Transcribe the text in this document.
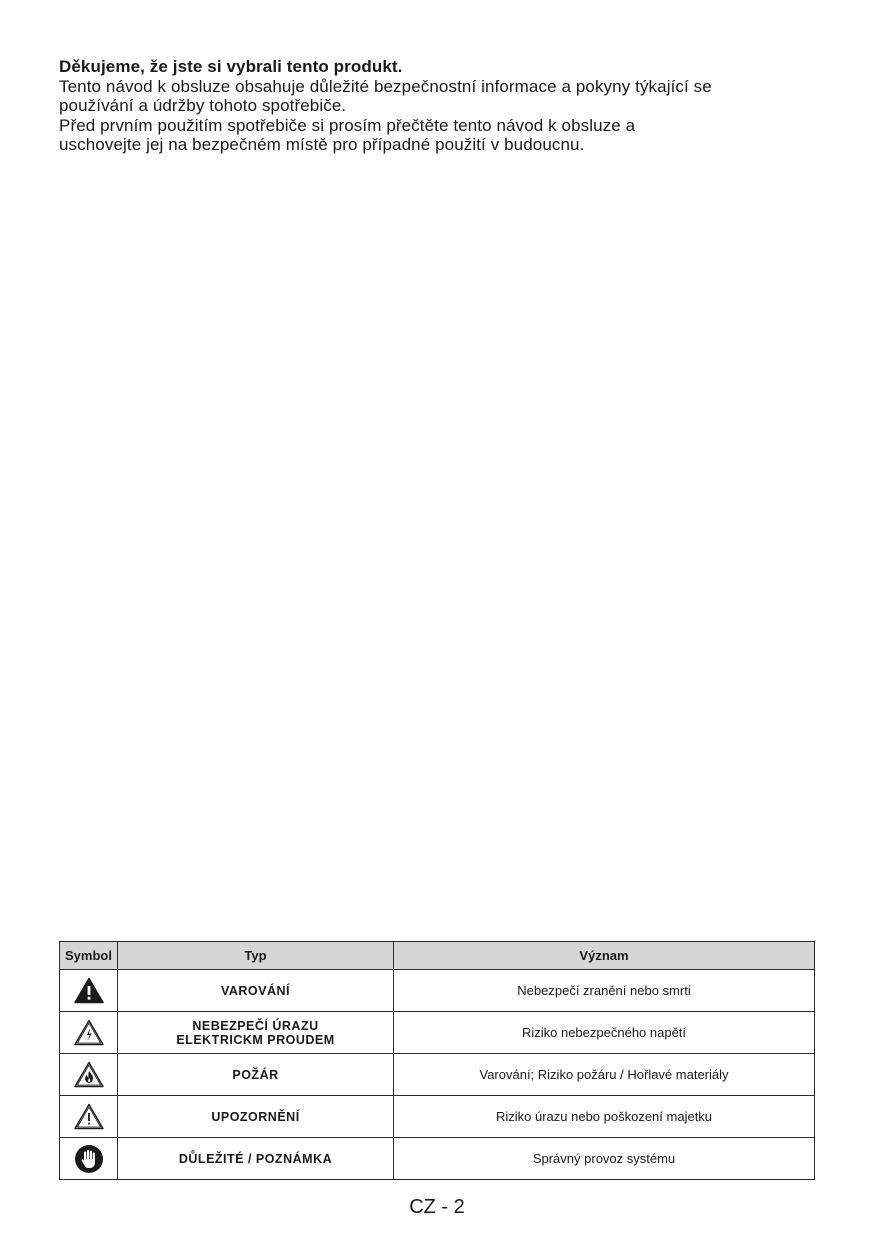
Děkujeme, že jste si vybrali tento produkt.

Tento návod k obsluze obsahuje důležité bezpečnostní informace a pokyny týkající se

používání a údržby tohoto spotřebiče.

Před prvním použitím spotřebiče si prosím přečtěte tento návod k obsluze a

uschovejte jej na bezpečném místě pro případné použití v budoucnu.

Symbol	Typ	Význam

	VAROVÁNÍ	Nebezpečí zranění nebo smrti

	NEBEZPEČÍ ÚRAZU
ELEKTRICKM PROUDEM	Riziko nebezpečného napětí

	POŽÁR	Varování; Riziko požáru / Hořlavé materiály

	UPOZORNĚNÍ	Riziko úrazu nebo poškození majetku

	DŮLEŽITÉ / POZNÁMKA	Správný provoz systému
CZ - 2
